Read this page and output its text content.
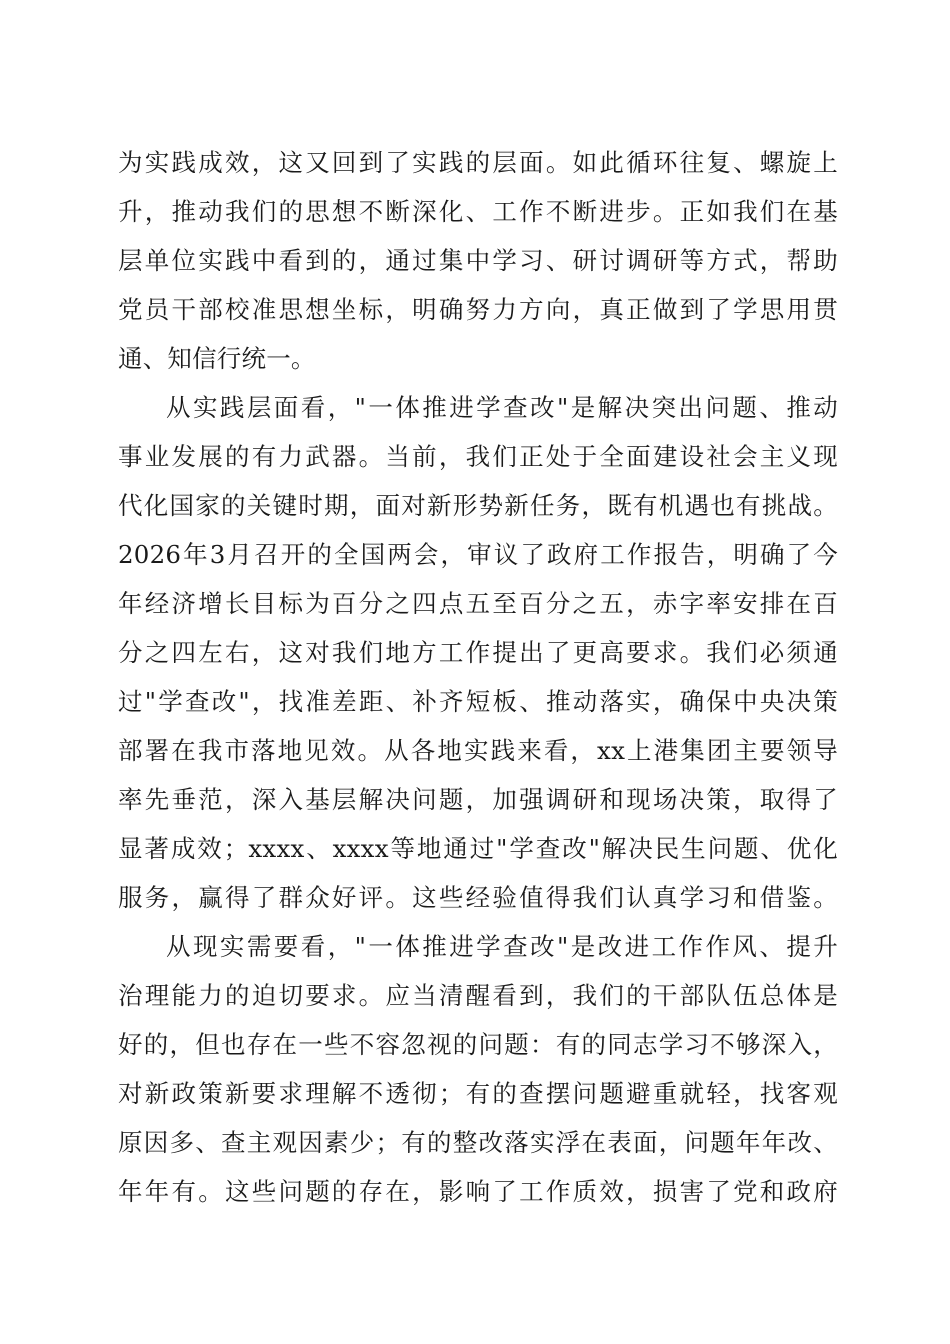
为实践成效，这又回到了实践的层面。如此循环往复、螺旋上
升，推动我们的思想不断深化、工作不断进步。正如我们在基
层单位实践中看到的，通过集中学习、研讨调研等方式，帮助
党员干部校准思想坐标，明确努力方向，真正做到了学思用贯
通、知信行统一。
从实践层面看，"一体推进学查改"是解决突出问题、推动
事业发展的有力武器。当前，我们正处于全面建设社会主义现
代化国家的关键时期，面对新形势新任务，既有机遇也有挑战。
2026年3月召开的全国两会，审议了政府工作报告，明确了今
年经济增长目标为百分之四点五至百分之五，赤字率安排在百
分之四左右，这对我们地方工作提出了更高要求。我们必须通
过"学查改"，找准差距、补齐短板、推动落实，确保中央决策
部署在我市落地见效。从各地实践来看，xx上港集团主要领导
率先垂范，深入基层解决问题，加强调研和现场决策，取得了
显著成效；xxxx、xxxx等地通过"学查改"解决民生问题、优化
服务，赢得了群众好评。这些经验值得我们认真学习和借鉴。
从现实需要看，"一体推进学查改"是改进工作作风、提升
治理能力的迫切要求。应当清醒看到，我们的干部队伍总体是
好的，但也存在一些不容忽视的问题：有的同志学习不够深入，
对新政策新要求理解不透彻；有的查摆问题避重就轻，找客观
原因多、查主观因素少；有的整改落实浮在表面，问题年年改、
年年有。这些问题的存在，影响了工作质效，损害了党和政府
